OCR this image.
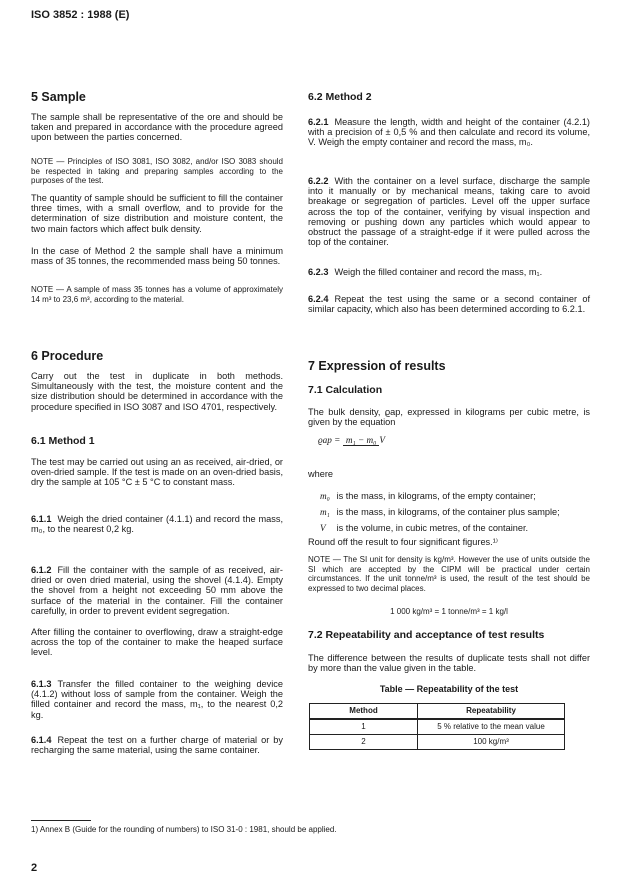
ISO 3852 : 1988 (E)
5 Sample
The sample shall be representative of the ore and should be taken and prepared in accordance with the procedure agreed upon between the parties concerned.
NOTE — Principles of ISO 3081, ISO 3082, and/or ISO 3083 should be respected in taking and preparing samples according to the purposes of the test.
The quantity of sample should be sufficient to fill the container three times, with a small overflow, and to provide for the determination of size distribution and moisture content, the two main factors which affect bulk density.
In the case of Method 2 the sample shall have a minimum mass of 35 tonnes, the recommended mass being 50 tonnes.
NOTE — A sample of mass 35 tonnes has a volume of approximately 14 m³ to 23,6 m³, according to the material.
6 Procedure
Carry out the test in duplicate in both methods. Simultaneously with the test, the moisture content and the size distribution should be determined in accordance with the procedure specified in ISO 3087 and ISO 4701, respectively.
6.1 Method 1
The test may be carried out using an as received, air-dried, or oven-dried sample. If the test is made on an oven-dried basis, dry the sample at 105 °C ± 5 °C to constant mass.
6.1.1 Weigh the dried container (4.1.1) and record the mass, m₀, to the nearest 0,2 kg.
6.1.2 Fill the container with the sample of as received, air-dried or oven dried material, using the shovel (4.1.4). Empty the shovel from a height not exceeding 50 mm above the surface of the material in the container. Fill the container carefully, in order to prevent evident segregation.
After filling the container to overflowing, draw a straight-edge across the top of the container to make the heaped surface level.
6.1.3 Transfer the filled container to the weighing device (4.1.2) without loss of sample from the container. Weigh the filled container and record the mass, m₁, to the nearest 0,2 kg.
6.1.4 Repeat the test on a further charge of material or by recharging the same material, using the same container.
6.2 Method 2
6.2.1 Measure the length, width and height of the container (4.2.1) with a precision of ± 0,5 % and then calculate and record its volume, V. Weigh the empty container and record the mass, m₀.
6.2.2 With the container on a level surface, discharge the sample into it manually or by mechanical means, taking care to avoid breakage or segregation of particles. Level off the upper surface across the top of the container, verifying by visual inspection and removing or pushing down any particles which would appear to obstruct the passage of a straight-edge if it were pulled across the top of the container.
6.2.3 Weigh the filled container and record the mass, m₁.
6.2.4 Repeat the test using the same or a second container of similar capacity, which also has been determined according to 6.2.1.
7 Expression of results
7.1 Calculation
The bulk density, ϱap, expressed in kilograms per cubic metre, is given by the equation
ϱap = m₁ − m₀ V
where
m₀ is the mass, in kilograms, of the empty container;
m₁ is the mass, in kilograms, of the container plus sample;
V is the volume, in cubic metres, of the container.
Round off the result to four significant figures.¹⁾
NOTE — The SI unit for density is kg/m³. However the use of units outside the SI which are accepted by the CIPM will be practical under certain circumstances. If the unit tonne/m³ is used, the result of the test should be expressed to two decimal places.
1 000 kg/m³ = 1 tonne/m³ = 1 kg/l
7.2 Repeatability and acceptance of test results
The difference between the results of duplicate tests shall not differ by more than the value given in the table.
Table — Repeatability of the test
Method	Repeatability
1	5 % relative to the mean value
2	100 kg/m³
1) Annex B (Guide for the rounding of numbers) to ISO 31-0 : 1981, should be applied.
2
